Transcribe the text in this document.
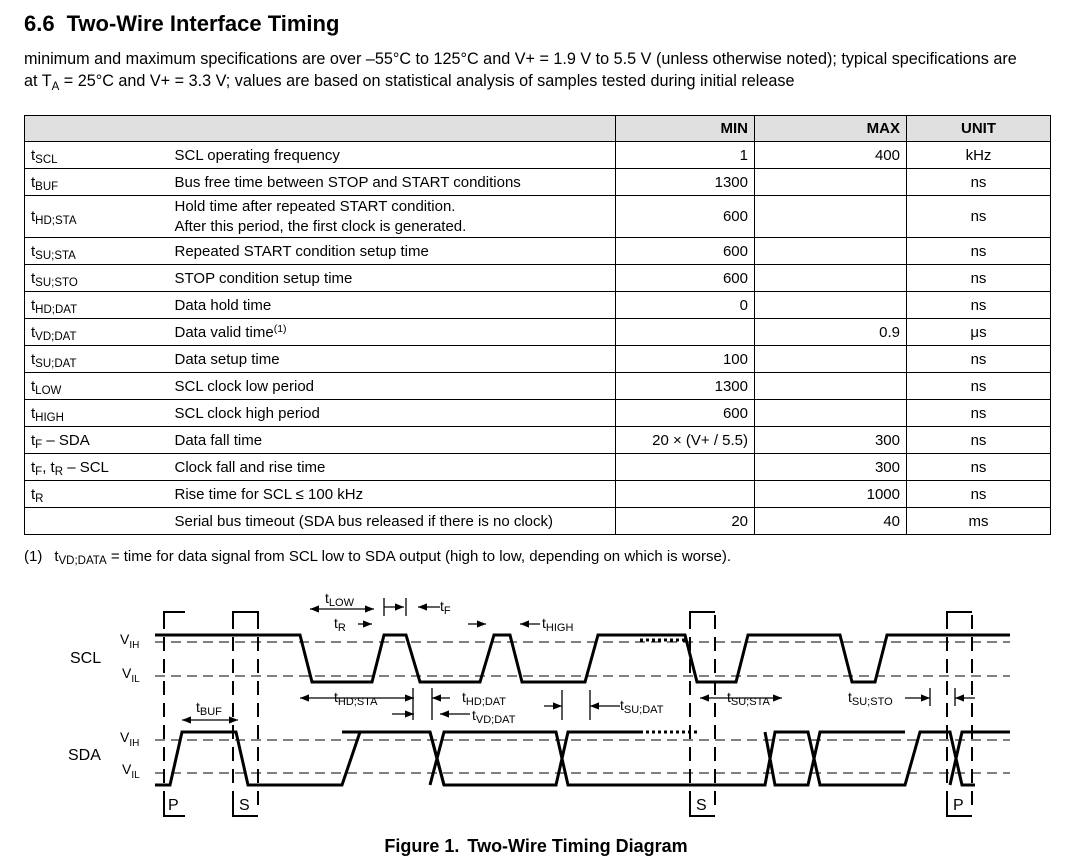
6.6 Two-Wire Interface Timing
minimum and maximum specifications are over –55°C to 125°C and V+ = 1.9 V to 5.5 V (unless otherwise noted); typical specifications are at $T_A = 25^\circ C$ and V+ = 3.3 V; values are based on statistical analysis of samples tested during initial release
		MIN	MAX	UNIT
$t_{SCL}$	SCL operating frequency	1	400	kHz
$t_{BUF}$	Bus free time between STOP and START conditions	1300		ns
$t_{HD;STA}$	Hold time after repeated START condition.
After this period, the first clock is generated.	600		ns
$t_{SU;STA}$	Repeated START condition setup time	600		ns
$t_{SU;STO}$	STOP condition setup time	600		ns
$t_{HD;DAT}$	Data hold time	0		ns
$t_{VD;DAT}$	Data valid time$^{(1)}$		0.9	μs
$t_{SU;DAT}$	Data setup time	100		ns
$t_{LOW}$	SCL clock low period	1300		ns
$t_{HIGH}$	SCL clock high period	600		ns
$t_F$ – SDA	Data fall time	20 × (V+ / 5.5)	300	ns
$t_F$, $t_R$ – SCL	Clock fall and rise time		300	ns
$t_R$	Rise time for SCL ≤ 100 kHz		1000	ns
	Serial bus timeout (SDA bus released if there is no clock)	20	40	ms
(1) $t_{VD;DATA}$ = time for data signal from SCL low to SDA output (high to low, depending on which is worse).
SCL
SDA
$V_{IH}$
$V_{IL}$
$V_{IH}$
$V_{IL}$
$t_{LOW}$
$t_R$
$t_F$
$t_{HIGH}$
$t_{HD;STA}$	$t_{HD;DAT}$
$t_{VD;DAT}$
$t_{SU;DAT}$
$t_{SU;STA}$	$t_{SU;STO}$
$t_{BUF}$
P	S	S	P
Figure 1. Two-Wire Timing Diagram
